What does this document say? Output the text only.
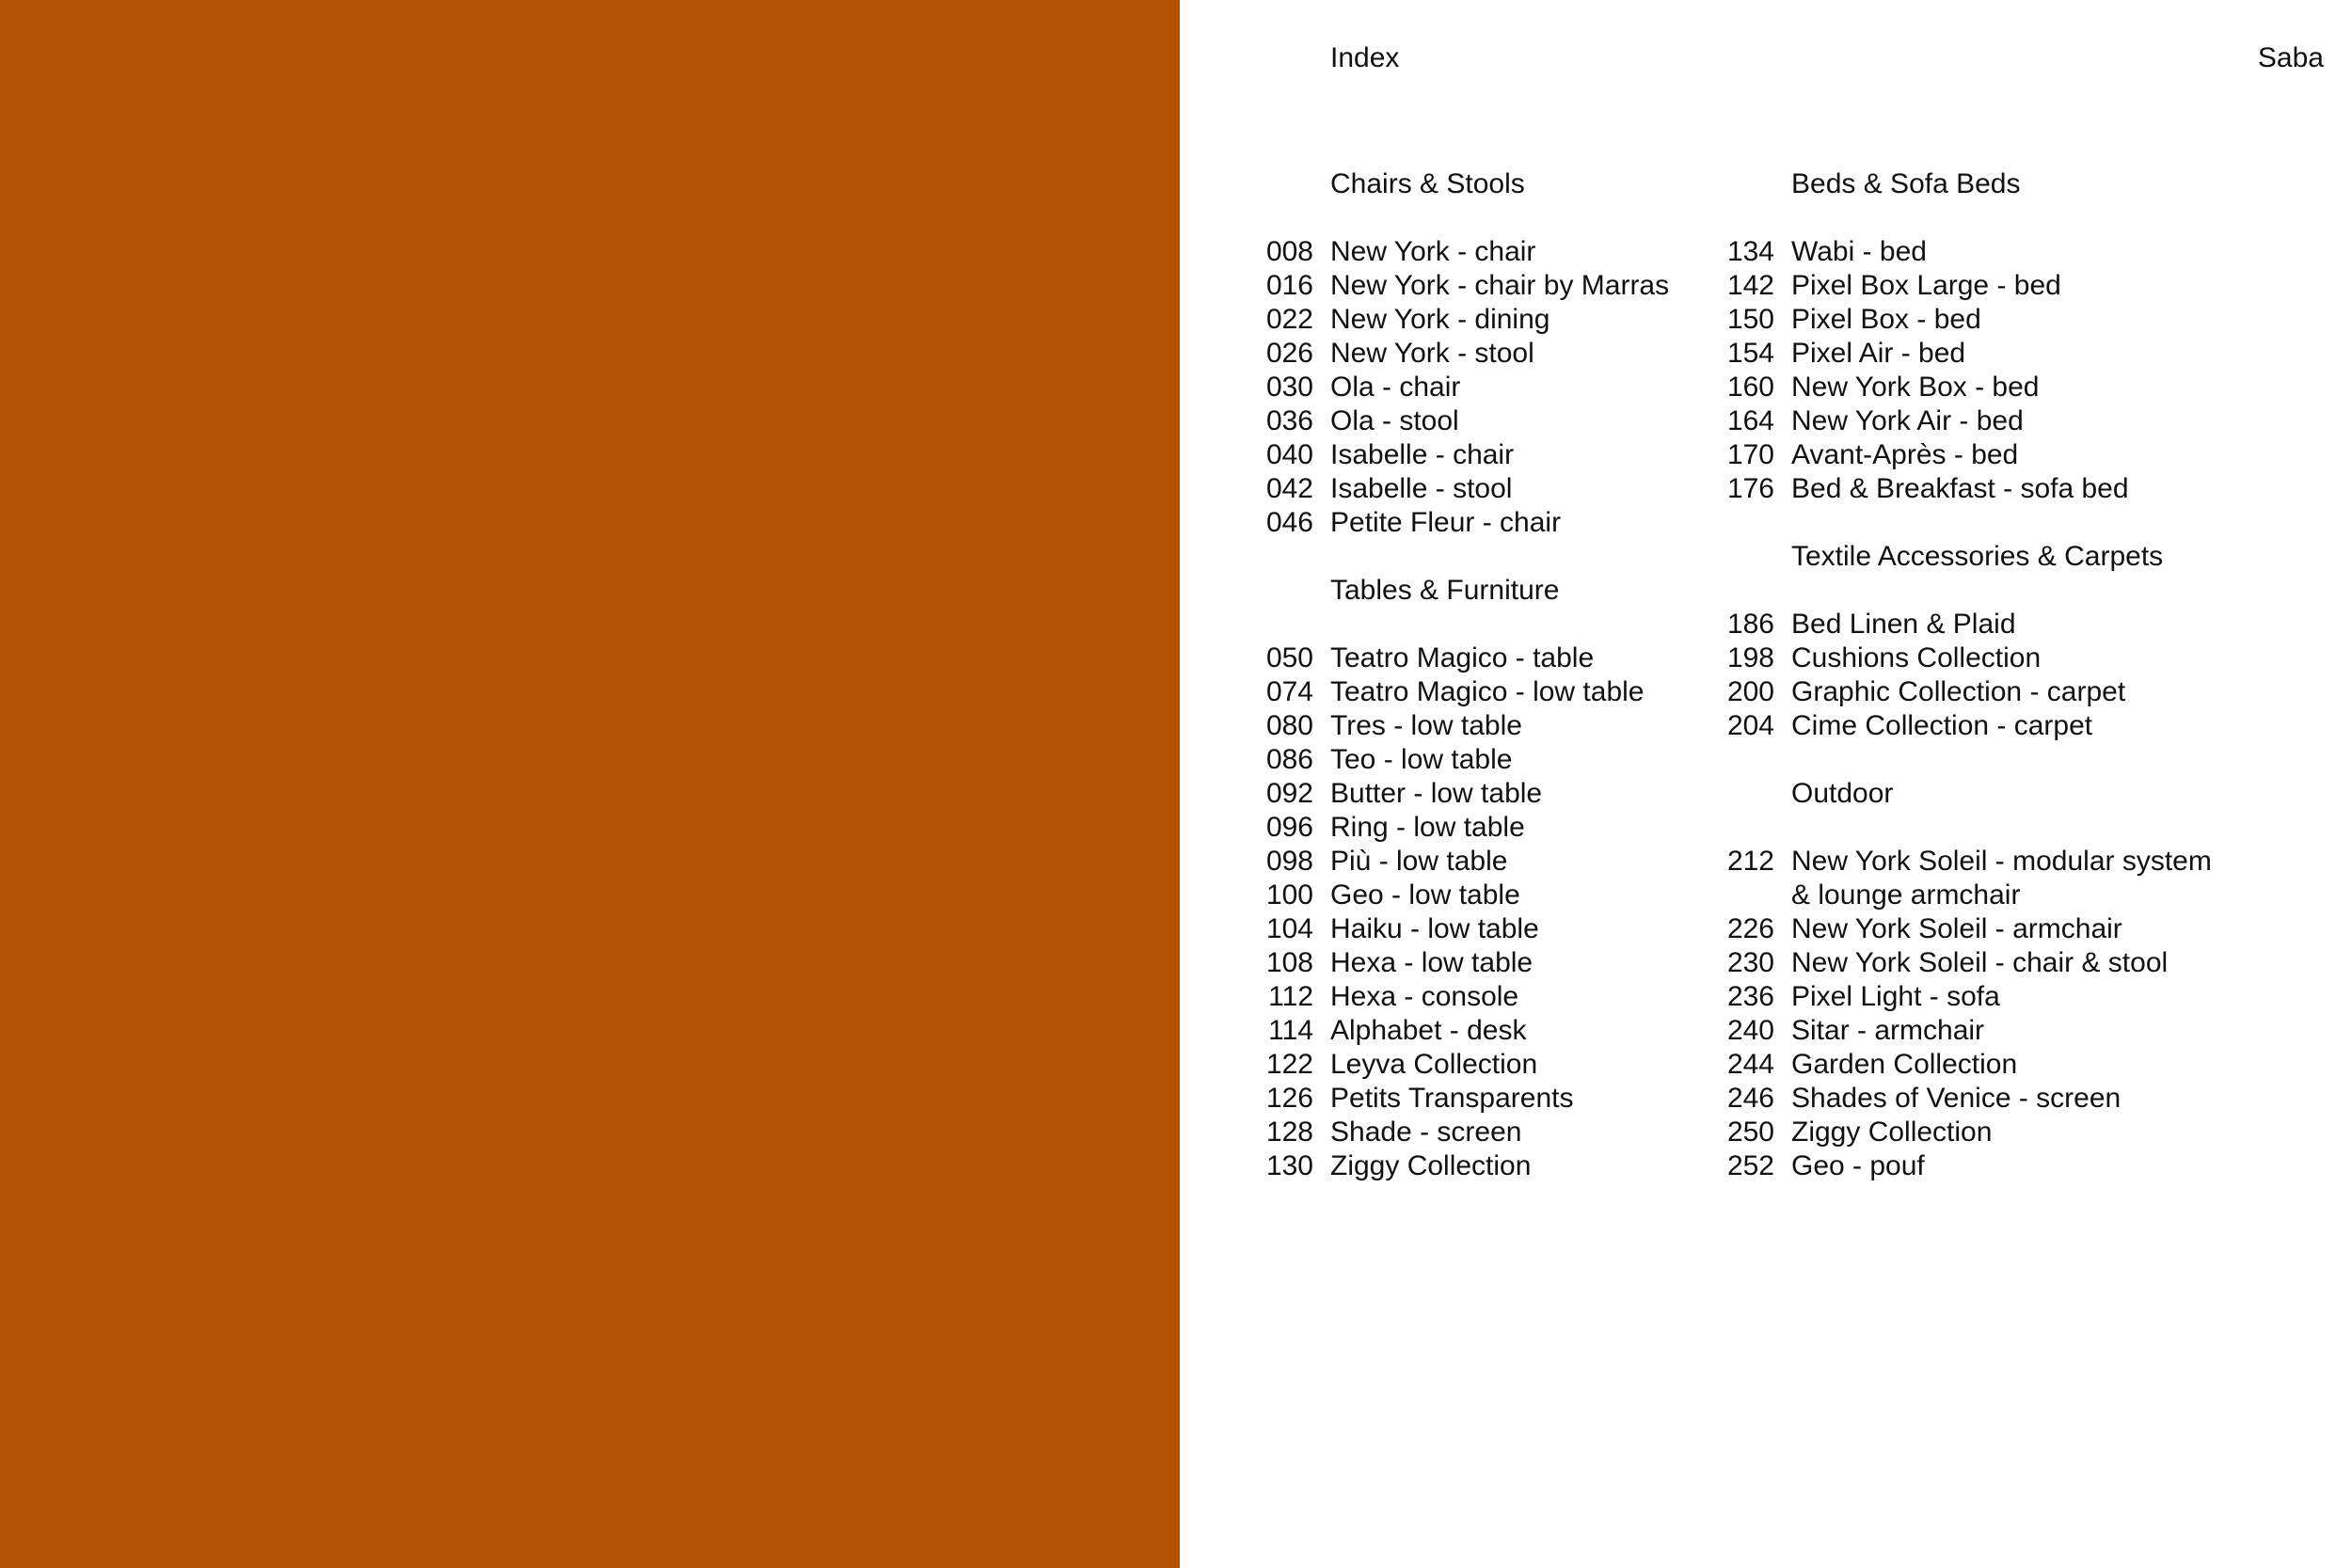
Index	Saba
Chairs & Stools
008 New York - chair
016 New York - chair by Marras
022 New York - dining
026 New York - stool
030 Ola - chair
036 Ola - stool
040 Isabelle - chair
042 Isabelle - stool
046 Petite Fleur - chair
Tables & Furniture
050 Teatro Magico - table
074 Teatro Magico - low table
080 Tres - low table
086 Teo - low table
092 Butter - low table
096 Ring - low table
098 Più - low table
100 Geo - low table
104 Haiku - low table
108 Hexa - low table
112 Hexa - console
114 Alphabet - desk
122 Leyva Collection
126 Petits Transparents
128 Shade - screen
130 Ziggy Collection
Beds & Sofa Beds
134 Wabi - bed
142 Pixel Box Large - bed
150 Pixel Box - bed
154 Pixel Air - bed
160 New York Box - bed
164 New York Air - bed
170 Avant-Après - bed
176 Bed & Breakfast - sofa bed
Textile Accessories & Carpets
186 Bed Linen & Plaid
198 Cushions Collection
200 Graphic Collection - carpet
204 Cime Collection - carpet
Outdoor
212 New York Soleil - modular system
& lounge armchair
226 New York Soleil - armchair
230 New York Soleil - chair & stool
236 Pixel Light - sofa
240 Sitar - armchair
244 Garden Collection
246 Shades of Venice - screen
250 Ziggy Collection
252 Geo - pouf
